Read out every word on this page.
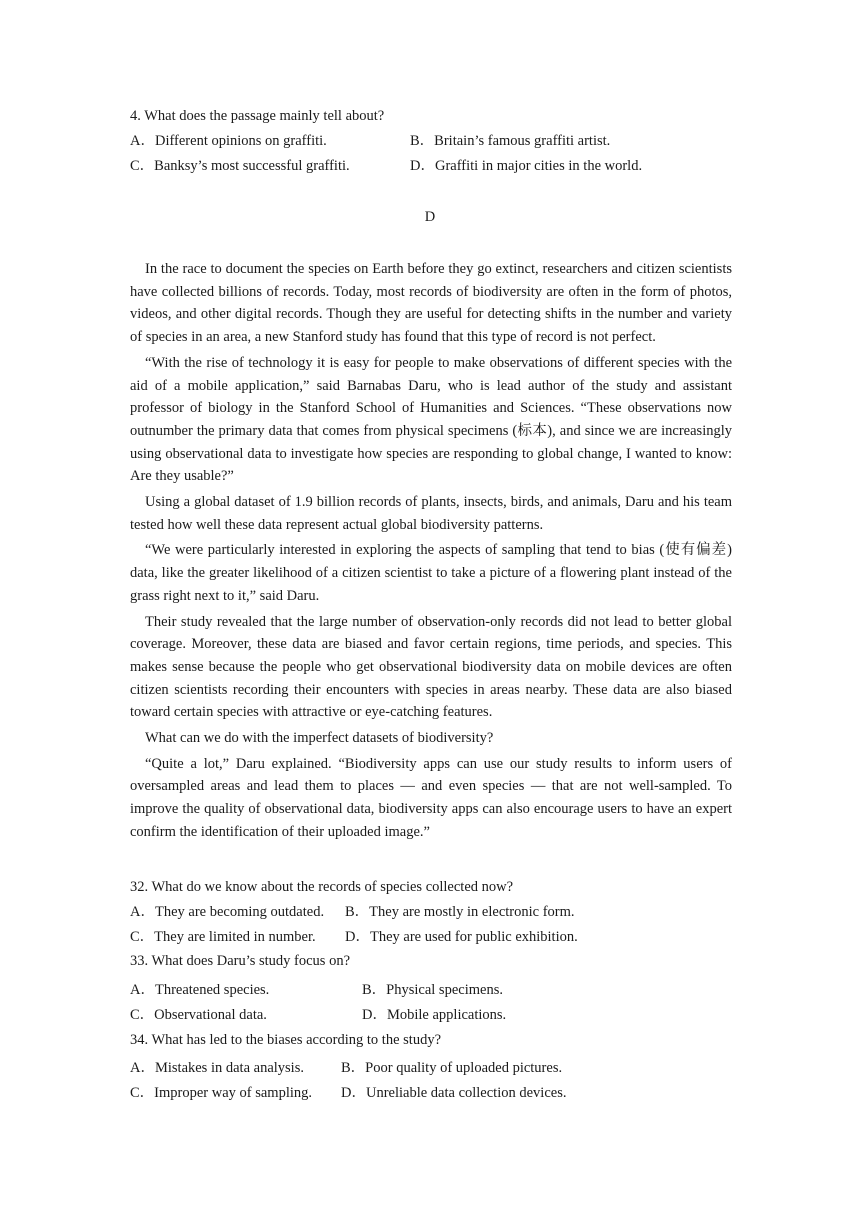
4. What does the passage mainly tell about?
A．Different opinions on graffiti.	B．Britain’s famous graffiti artist.
C．Banksy’s most successful graffiti.	D．Graffiti in major cities in the world.
D

In the race to document the species on Earth before they go extinct, researchers and citizen scientists have collected billions of records. Today, most records of biodiversity are often in the form of photos, videos, and other digital records. Though they are useful for detecting shifts in the number and variety of species in an area, a new Stanford study has found that this type of record is not perfect.

“With the rise of technology it is easy for people to make observations of different species with the aid of a mobile application,” said Barnabas Daru, who is lead author of the study and assistant professor of biology in the Stanford School of Humanities and Sciences. “These observations now outnumber the primary data that comes from physical specimens (标本), and since we are increasingly using observational data to investigate how species are responding to global change, I wanted to know: Are they usable?”

Using a global dataset of 1.9 billion records of plants, insects, birds, and animals, Daru and his team tested how well these data represent actual global biodiversity patterns.

“We were particularly interested in exploring the aspects of sampling that tend to bias (使有偏差) data, like the greater likelihood of a citizen scientist to take a picture of a flowering plant instead of the grass right next to it,” said Daru.

Their study revealed that the large number of observation-only records did not lead to better global coverage. Moreover, these data are biased and favor certain regions, time periods, and species. This makes sense because the people who get observational biodiversity data on mobile devices are often citizen scientists recording their encounters with species in areas nearby. These data are also biased toward certain species with attractive or eye-catching features.

What can we do with the imperfect datasets of biodiversity?

“Quite a lot,” Daru explained. “Biodiversity apps can use our study results to inform users of oversampled areas and lead them to places — and even species — that are not well-sampled. To improve the quality of observational data, biodiversity apps can also encourage users to have an expert confirm the identification of their uploaded image.”

32. What do we know about the records of species collected now?
A．They are becoming outdated. B．They are mostly in electronic form.
C．They are limited in number. D．They are used for public exhibition.
33. What does Daru’s study focus on?
A．Threatened species.	B．Physical specimens.
C．Observational data.	D．Mobile applications.
34. What has led to the biases according to the study?
A．Mistakes in data analysis.	B．Poor quality of uploaded pictures.
C．Improper way of sampling. D．Unreliable data collection devices.
